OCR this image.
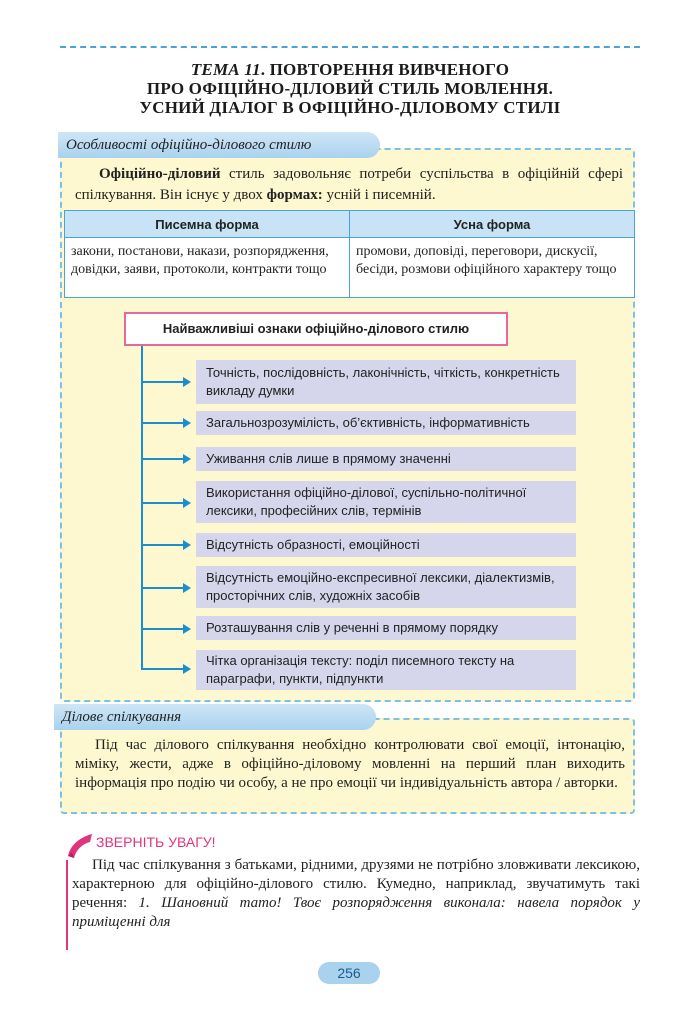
ТЕМА 11. ПОВТОРЕННЯ ВИВЧЕНОГО
ПРО ОФІЦІЙНО-ДІЛОВИЙ СТИЛЬ МОВЛЕННЯ.
УСНИЙ ДІАЛОГ В ОФІЦІЙНО-ДІЛОВОМУ СТИЛІ
Особливості офіційно-ділового стилю
Офіційно-діловий стиль задовольняє потреби суспільства в офіційній сфері спілкування. Він існує у двох формах: усній і писемній.
Писемна форма	Усна форма
закони, постанови, накази, розпорядження, довідки, заяви, протоколи, контракти тощо	промови, доповіді, переговори, дискусії, бесіди, розмови офіційного характеру тощо
Найважливіші ознаки офіційно-ділового стилю
Точність, послідовність, лаконічність, чіткість, конкретність викладу думки
Загальнозрозумілість, об’єктивність, інформативність
Уживання слів лише в прямому значенні
Використання офіційно-ділової, суспільно-політичної лексики, професійних слів, термінів
Відсутність образності, емоційності
Відсутність емоційно-експресивної лексики, діалектизмів, просторічних слів, художніх засобів
Розташування слів у реченні в прямому порядку
Чітка організація тексту: поділ писемного тексту на параграфи, пункти, підпункти
Ділове спілкування
Під час ділового спілкування необхідно контролювати свої емоції, інтонацію, міміку, жести, адже в офіційно-діловому мовленні на перший план виходить інформація про подію чи особу, а не про емоції чи індивідуальність автора / авторки.
ЗВЕРНІТЬ УВАГУ!
Під час спілкування з батьками, рідними, друзями не потрібно зловживати лексикою, характерною для офіційно-ділового стилю. Кумедно, наприклад, звучатимуть такі речення: 1. Шановний тато! Твоє розпорядження виконала: навела порядок у приміщенні для
256
